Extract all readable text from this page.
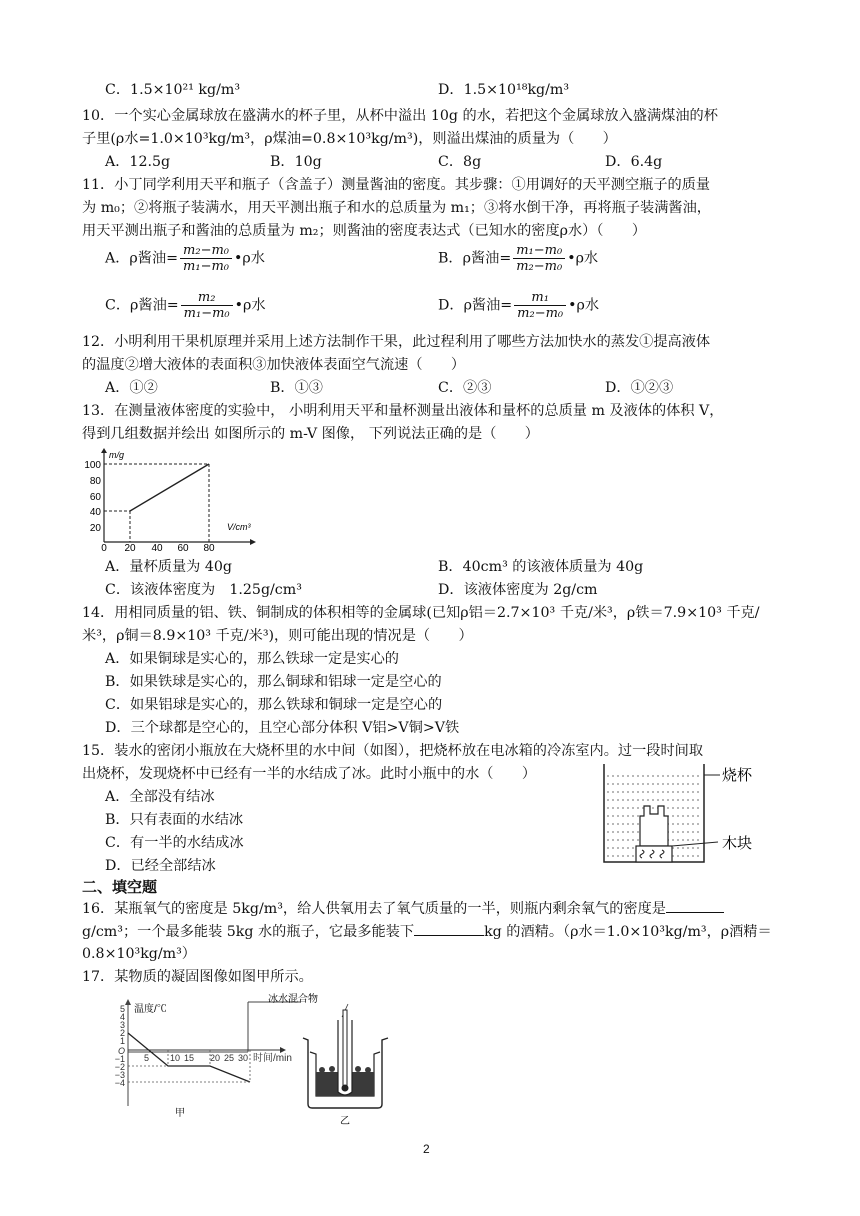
C．1.5×10²¹ kg/m³	D．1.5×10¹⁸kg/m³
10．一个实心金属球放在盛满水的杯子里，从杯中溢出 10g 的水，若把这个金属球放入盛满煤油的杯
子里(ρ水=1.0×10³kg/m³，ρ煤油=0.8×10³kg/m³)，则溢出煤油的质量为（　　）
A．12.5g	B．10g	C．8g	D．6.4g
11．小丁同学利用天平和瓶子（含盖子）测量酱油的密度。其步骤：①用调好的天平测空瓶子的质量
为 m₀；②将瓶子装满水，用天平测出瓶子和水的总质量为 m₁；③将水倒干净，再将瓶子装满酱油，
用天平测出瓶子和酱油的总质量为 m₂；则酱油的密度表达式（已知水的密度ρ水）（　　）
A．ρ酱油= $\frac{\text{m₂−m₀}}{\text{m₁−m₀}}$ •ρ水	B．ρ酱油= $\frac{\text{m₁−m₀}}{\text{m₂−m₀}}$ •ρ水
C．ρ酱油= $\frac{\text{m₂}}{\text{m₁−m₀}}$ •ρ水	D．ρ酱油= $\frac{\text{m₁}}{\text{m₂−m₀}}$ •ρ水
12．小明利用干果机原理并采用上述方法制作干果，此过程利用了哪些方法加快水的蒸发①提高液体
的温度②增大液体的表面积③加快液体表面空气流速（　　）
A．①②	B．①③	C．②③	D．①②③
13．在测量液体密度的实验中， 小明利用天平和量杯测量出液体和量杯的总质量 m 及液体的体积 V，
得到几组数据并绘出 如图所示的 m-V 图像， 下列说法正确的是（　　）
m/g
V/cm³
100
80
60
40
20
0 20 40 60 80
A．量杯质量为 40g	B．40cm³ 的该液体质量为 40g
C．该液体密度为　1.25g/cm³	D．该液体密度为 2g/cm
14．用相同质量的铝、铁、铜制成的体积相等的金属球(已知ρ铝＝2.7×10³ 千克/米³，ρ铁＝7.9×10³ 千克/
米³，ρ铜＝8.9×10³ 千克/米³)，则可能出现的情况是（　　）
A．如果铜球是实心的，那么铁球一定是实心的
B．如果铁球是实心的，那么铜球和铝球一定是空心的
C．如果铝球是实心的，那么铁球和铜球一定是空心的
D．三个球都是空心的，且空心部分体积 V铝>V铜>V铁
15．装水的密闭小瓶放在大烧杯里的水中间（如图），把烧杯放在电冰箱的冷冻室内。过一段时间取
出烧杯，发现烧杯中已经有一半的水结成了冰。此时小瓶中的水（　　）
A．全部没有结冰
B．只有表面的水结冰
C．有一半的水结成冰
D．已经全部结冰
烧杯
木块
二、填空题
16．某瓶氧气的密度是 5kg/m³，给人供氧用去了氧气质量的一半，则瓶内剩余氧气的密度是
g/cm³；一个最多能装 5kg 水的瓶子，它最多能装下	kg 的酒精。（ρ水＝1.0×10³kg/m³，ρ酒精＝
0.8×10³kg/m³）
17．某物质的凝固图像如图甲所示。
温度/℃
5
4
3
2
1
O
−1
−2
−3
−4
5 10 15 20 25 30 时间/min
甲
冰水混合物
乙
2
